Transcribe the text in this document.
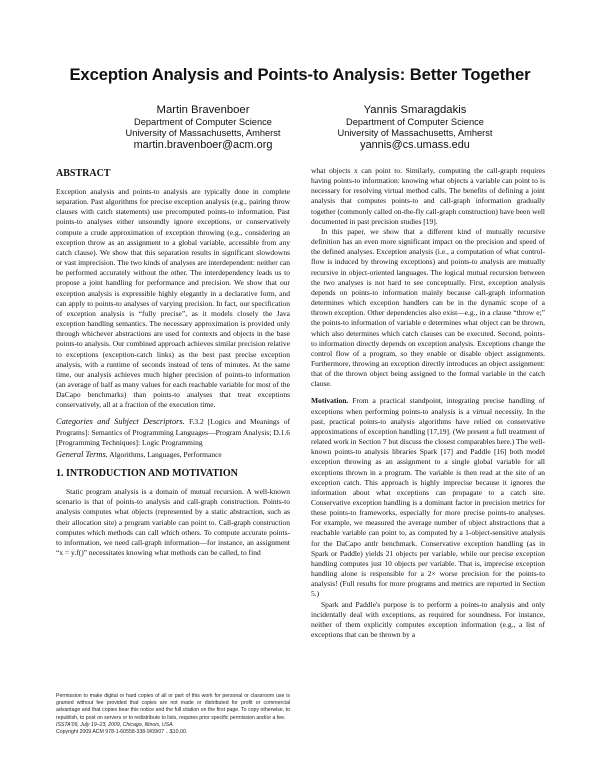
Exception Analysis and Points-to Analysis: Better Together
Martin Bravenboer
Department of Computer Science
University of Massachusetts, Amherst
martin.bravenboer@acm.org
Yannis Smaragdakis
Department of Computer Science
University of Massachusetts, Amherst
yannis@cs.umass.edu
ABSTRACT

Exception analysis and points-to analysis are typically done in complete separation. Past algorithms for precise exception analysis (e.g., pairing throw clauses with catch statements) use precomputed points-to information. Past points-to analyses either unsoundly ignore exceptions, or conservatively compute a crude approximation of exception throwing (e.g., considering an exception throw as an assignment to a global variable, accessible from any catch clause). We show that this separation results in significant slowdowns or vast imprecision. The two kinds of analyses are interdependent: neither can be performed accurately without the other. The interdependency leads us to propose a joint handling for performance and precision. We show that our exception analysis is expressible highly elegantly in a declarative form, and can apply to points-to analyses of varying precision. In fact, our specification of exception analysis is “fully precise”, as it models closely the Java exception handling semantics. The necessary approximation is provided only through whichever abstractions are used for contexts and objects in the base points-to analysis. Our combined approach achieves similar precision relative to exceptions (exception-catch links) as the best past precise exception analysis, with a runtime of seconds instead of tens of minutes. At the same time, our analysis achieves much higher precision of points-to information (an average of half as many values for each reachable variable for most of the DaCapo benchmarks) than points-to analyses that treat exceptions conservatively, all at a fraction of the execution time.

Categories and Subject Descriptors. F.3.2 [Logics and Meanings of Programs]: Semantics of Programming Languages—Program Analysis; D.1.6 [Programming Techniques]: Logic Programming

General Terms. Algorithms, Languages, Performance

1. INTRODUCTION AND MOTIVATION

Static program analysis is a domain of mutual recursion. A well-known scenario is that of points-to analysis and call-graph construction. Points-to analysis computes what objects (represented by a static abstraction, such as their allocation site) a program variable can point to. Call-graph construction computes which methods can call which others. To compute accurate points-to information, we need call-graph information—for instance, an assignment “x = y.f()” necessitates knowing what methods can be called, to find

Permission to make digital or hard copies of all or part of this work for personal or classroom use is granted without fee provided that copies are not made or distributed for profit or commercial advantage and that copies bear this notice and the full citation on the first page. To copy otherwise, to republish, to post on servers or to redistribute to lists, requires prior specific permission and/or a fee.

ISSTA'09, July 19–23, 2009, Chicago, Illinois, USA.

Copyright 2009 ACM 978-1-60558-338-9/09/07 ...$10.00.

what objects x can point to. Similarly, computing the call-graph requires having points-to information: knowing what objects a variable can point to is necessary for resolving virtual method calls. The benefits of defining a joint analysis that computes points-to and call-graph information gradually together (commonly called on-the-fly call-graph construction) have been well documented in past precision studies [19].

In this paper, we show that a different kind of mutually recursive definition has an even more significant impact on the precision and speed of the defined analyses. Exception analysis (i.e., a computation of what control-flow is induced by throwing exceptions) and points-to analysis are mutually recursive in object-oriented languages. The logical mutual recursion between the two analyses is not hard to see conceptually. First, exception analysis depends on points-to information mainly because call-graph information determines which exception handlers can be in the dynamic scope of a thrown exception. Other dependencies also exist—e.g., in a clause “throw e;” the points-to information of variable e determines what object can be thrown, which also determines which catch clauses can be executed. Second, points-to information directly depends on exception analysis. Exceptions change the control flow of a program, so they enable or disable object assignments. Furthermore, throwing an exception directly introduces an object assignment: that of the thrown object being assigned to the formal variable in the catch clause.

Motivation. From a practical standpoint, integrating precise handling of exceptions when performing points-to analysis is a virtual necessity. In the past, practical points-to analysis algorithms have relied on conservative approximations of exception handling [17,19]. (We present a full treatment of related work in Section 7 but discuss the closest comparables here.) The well-known points-to analysis libraries Spark [17] and Paddle [16] both model exception throwing as an assignment to a single global variable for all exceptions thrown in a program. The variable is then read at the site of an exception catch. This approach is highly imprecise because it ignores the information about what exceptions can propagate to a catch site. Conservative exception handling is a dominant factor in precision metrics for these points-to frameworks, especially for more precise points-to analyses. For example, we measured the average number of object abstractions that a reachable variable can point to, as computed by a 1-object-sensitive analysis for the DaCapo antlr benchmark. Conservative exception handling (as in Spark or Paddle) yields 21 objects per variable, while our precise exception handling computes just 10 objects per variable. That is, imprecise exception handling alone is responsible for a 2× worse precision for the points-to analysis! (Full results for more programs and metrics are reported in Section 5.)

Spark and Paddle's purpose is to perform a points-to analysis and only incidentally deal with exceptions, as required for soundness. For instance, neither of them explicitly computes exception information (e.g., a list of exceptions that can be thrown by a
